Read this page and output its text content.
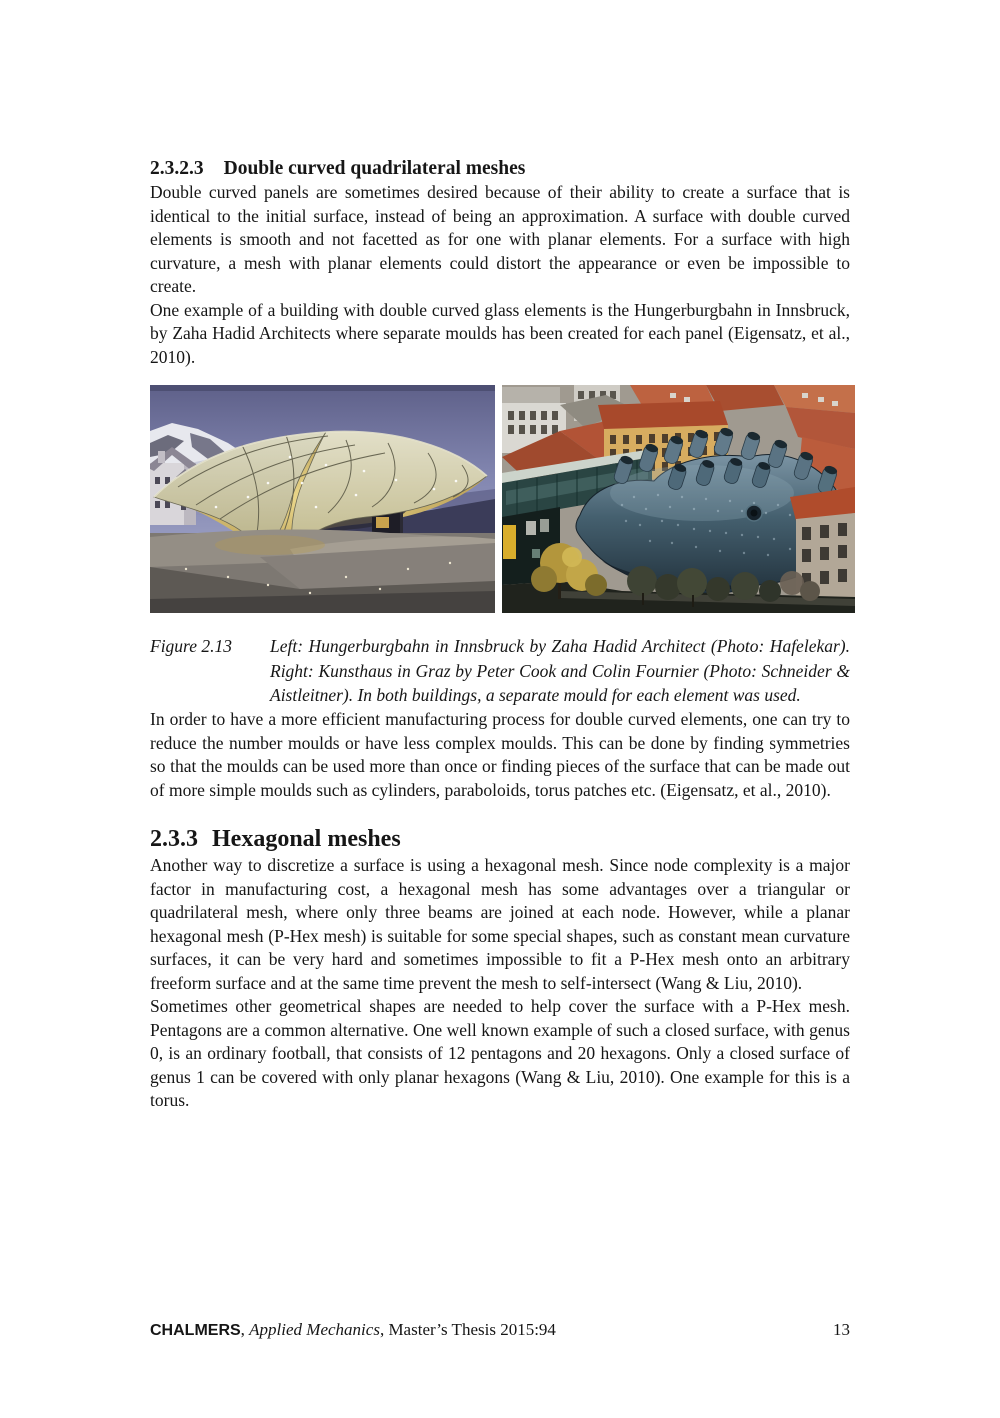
2.3.2.3 Double curved quadrilateral meshes

Double curved panels are sometimes desired because of their ability to create a surface that is identical to the initial surface, instead of being an approximation. A surface with double curved elements is smooth and not facetted as for one with planar elements. For a surface with high curvature, a mesh with planar elements could distort the appearance or even be impossible to create.

One example of a building with double curved glass elements is the Hungerburgbahn in Innsbruck, by Zaha Hadid Architects where separate moulds has been created for each panel (Eigensatz, et al., 2010).

Figure 2.13	Left: Hungerburgbahn in Innsbruck by Zaha Hadid Architect (Photo: Hafelekar). Right: Kunsthaus in Graz by Peter Cook and Colin Fournier (Photo: Schneider & Aistleitner). In both buildings, a separate mould for each element was used.

In order to have a more efficient manufacturing process for double curved elements, one can try to reduce the number moulds or have less complex moulds. This can be done by finding symmetries so that the moulds can be used more than once or finding pieces of the surface that can be made out of more simple moulds such as cylinders, paraboloids, torus patches etc. (Eigensatz, et al., 2010).

2.3.3 Hexagonal meshes

Another way to discretize a surface is using a hexagonal mesh. Since node complexity is a major factor in manufacturing cost, a hexagonal mesh has some advantages over a triangular or quadrilateral mesh, where only three beams are joined at each node. However, while a planar hexagonal mesh (P-Hex mesh) is suitable for some special shapes, such as constant mean curvature surfaces, it can be very hard and sometimes impossible to fit a P-Hex mesh onto an arbitrary freeform surface and at the same time prevent the mesh to self-intersect (Wang & Liu, 2010).

Sometimes other geometrical shapes are needed to help cover the surface with a P-Hex mesh. Pentagons are a common alternative. One well known example of such a closed surface, with genus 0, is an ordinary football, that consists of 12 pentagons and 20 hexagons. Only a closed surface of genus 1 can be covered with only planar hexagons (Wang & Liu, 2010). One example for this is a torus.

CHALMERS, Applied Mechanics, Master’s Thesis 2015:94	13
